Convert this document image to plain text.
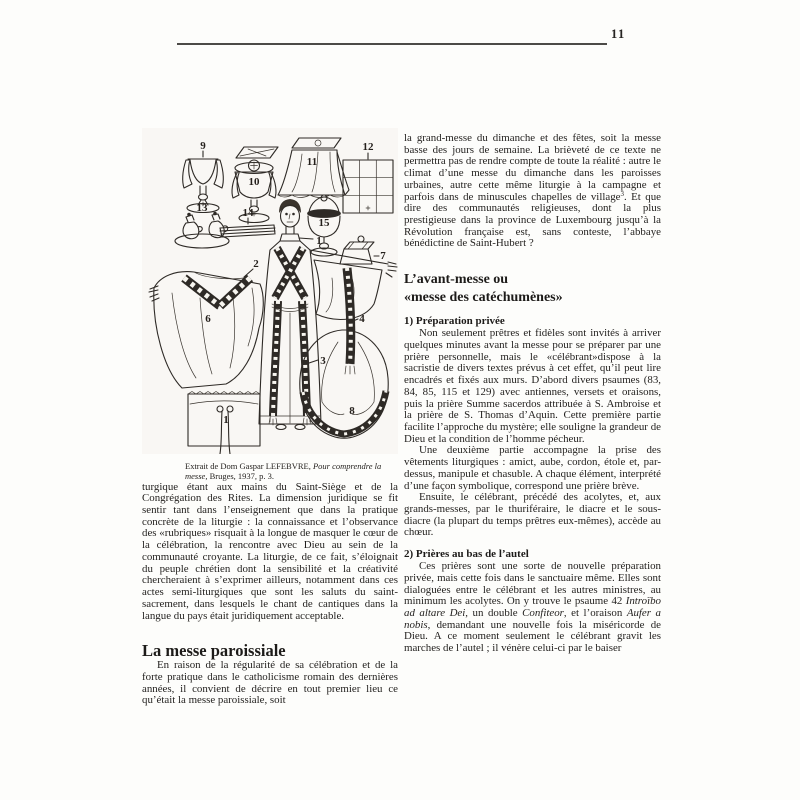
11
9
10
11
12
13	14
15
1
7
2
6	4
3
8
1
Extrait de Dom Gaspar LEFEBVRE, Pour comprendre la messe, Bruges, 1937, p. 3.

turgique étant aux mains du Saint-Siège et de la Congrégation des Rites. La dimension juridique se fit sentir tant dans l’enseignement que dans la pratique concrète de la liturgie : la connaissance et l’observance des «rubriques» risquait à la longue de masquer le cœur de la célébration, la rencontre avec Dieu au sein de la communauté croyante. La liturgie, de ce fait, s’éloignait du peuple chrétien dont la sensibilité et la créativité chercheraient à s’exprimer ailleurs, notamment dans ces actes semi-liturgiques que sont les saluts du saint-sacrement, dans lesquels le chant de cantiques dans la langue du pays était juridiquement acceptable.

La messe paroissiale

En raison de la régularité de sa célébration et de la forte pratique dans le catholicisme romain des dernières années, il convient de décrire en tout premier lieu ce qu’était la messe paroissiale, soit

la grand-messe du dimanche et des fêtes, soit la messe basse des jours de semaine. La brièveté de ce texte ne permettra pas de rendre compte de toute la réalité : autre le climat d’une messe du dimanche dans les paroisses urbaines, autre cette même liturgie à la campagne et parfois dans de minuscules chapelles de village$^3$. Et que dire des communautés religieuses, dont la plus prestigieuse dans la province de Luxembourg jusqu’à la Révolution française est, sans conteste, l’abbaye bénédictine de Saint-Hubert ?

L’avant-messe ou
«messe des catéchumènes»
1) Préparation privée

Non seulement prêtres et fidèles sont invités à arriver quelques minutes avant la messe pour se préparer par une prière personnelle, mais le «célébrant»dispose à la sacristie de divers textes prévus à cet effet, qu’il peut lire encadrés et fixés aux murs. D’abord divers psaumes (83, 84, 85, 115 et 129) avec antiennes, versets et oraisons, puis la prière Summe sacerdos attribuée à S. Ambroise et la prière de S. Thomas d’Aquin. Cette première partie facilite l’approche du mystère; elle souligne la grandeur de Dieu et la condition de l’homme pécheur.

Une deuxième partie accompagne la prise des vêtements liturgiques : amict, aube, cordon, étole et, par-dessus, manipule et chasuble. A chaque élément, interprété d’une façon symbolique, correspond une prière brève.

Ensuite, le célébrant, précédé des acolytes, et, aux grands-messes, par le thuriféraire, le diacre et le sous-diacre (la plupart du temps prêtres eux-mêmes), accède au chœur.

2) Prières au bas de l’autel

Ces prières sont une sorte de nouvelle préparation privée, mais cette fois dans le sanctuaire même. Elles sont dialoguées entre le célébrant et les autres ministres, au minimum les acolytes. On y trouve le psaume 42 Introïbo ad altare Dei, un double Confiteor, et l’oraison Aufer a nobis, demandant une nouvelle fois la miséricorde de Dieu. A ce moment seulement le célébrant gravit les marches de l’autel ; il vénère celui-ci par le baiser
